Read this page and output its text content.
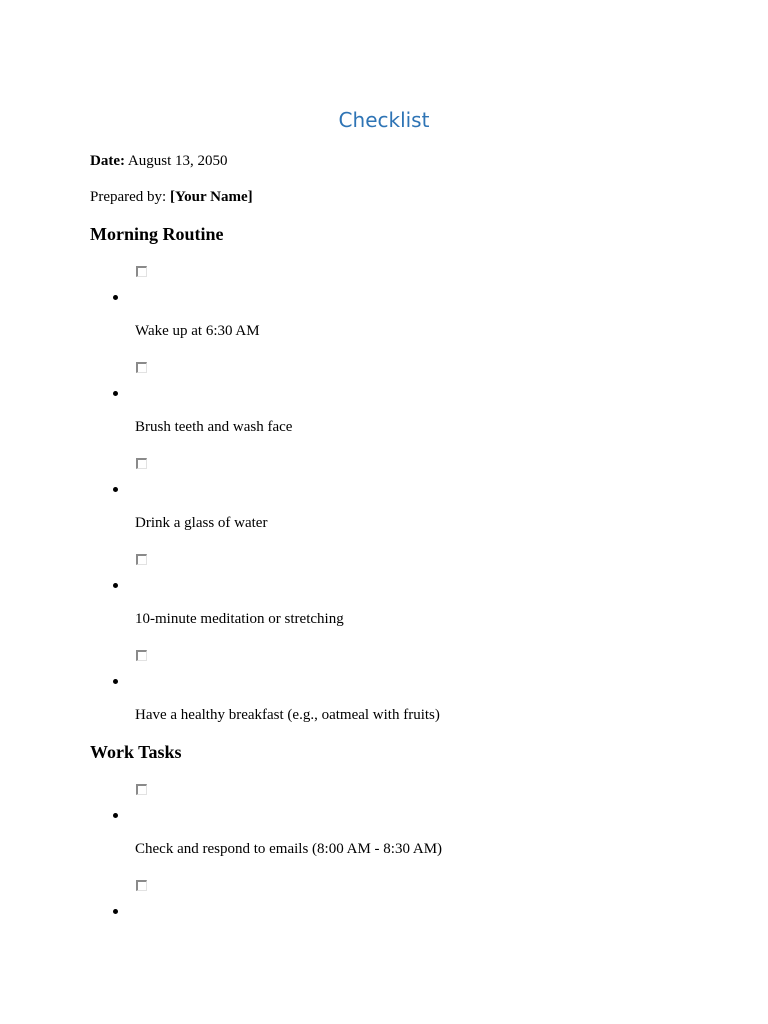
Checklist
Date: August 13, 2050
Prepared by: [Your Name]
Morning Routine
Wake up at 6:30 AM
Brush teeth and wash face
Drink a glass of water
10-minute meditation or stretching
Have a healthy breakfast (e.g., oatmeal with fruits)
Work Tasks
Check and respond to emails (8:00 AM - 8:30 AM)
